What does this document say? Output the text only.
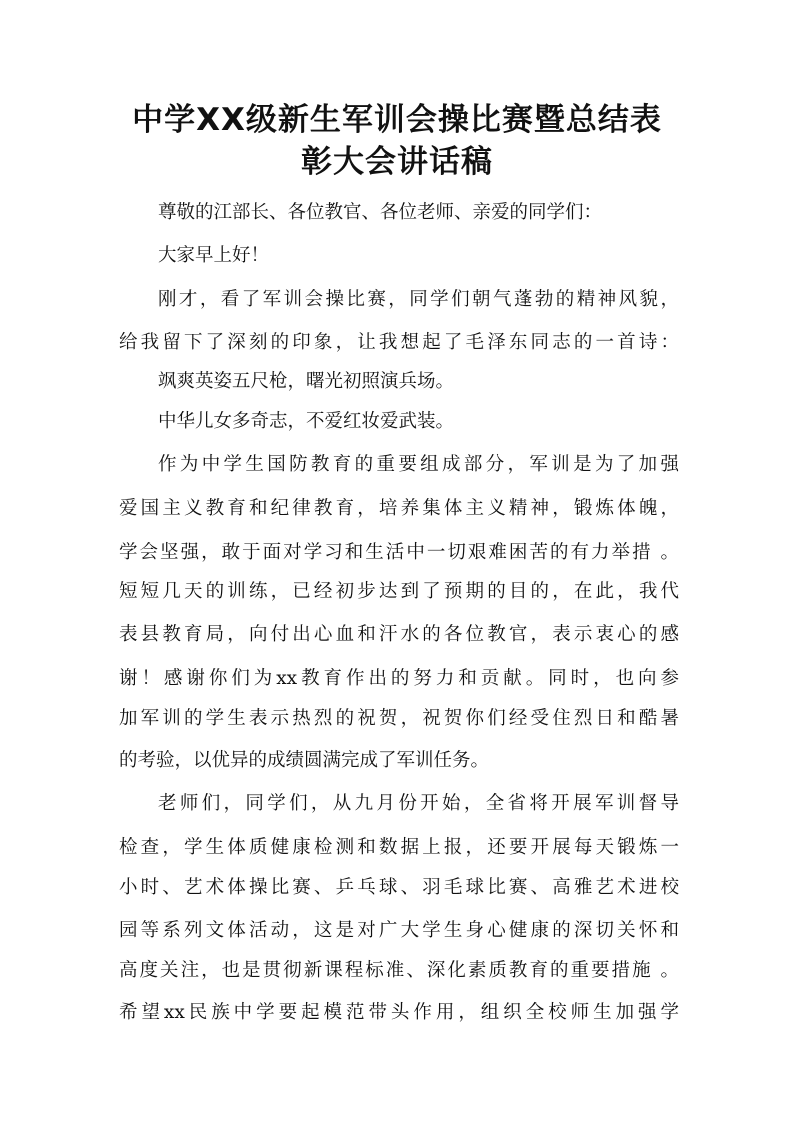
中学XX级新生军训会操比赛暨总结表
彰大会讲话稿

尊敬的江部长、各位教官、各位老师、亲爱的同学们：

大家早上好！

刚才，看了军训会操比赛，同学们朝气蓬勃的精神风貌，

给我留下了深刻的印象，让我想起了毛泽东同志的一首诗：

飒爽英姿五尺枪，曙光初照演兵场。

中华儿女多奇志，不爱红妆爱武装。

作为中学生国防教育的重要组成部分，军训是为了加强

爱国主义教育和纪律教育，培养集体主义精神，锻炼体魄，

学会坚强，敢于面对学习和生活中一切艰难困苦的有力举措 。

短短几天的训练，已经初步达到了预期的目的，在此，我代

表县教育局，向付出心血和汗水的各位教官，表示衷心的感

谢！感谢你们为xx教育作出的努力和贡献。同时，也向参

加军训的学生表示热烈的祝贺，祝贺你们经受住烈日和酷暑

的考验，以优异的成绩圆满完成了军训任务。

老师们，同学们，从九月份开始，全省将开展军训督导

检查，学生体质健康检测和数据上报，还要开展每天锻炼一

小时、艺术体操比赛、乒乓球、羽毛球比赛、高雅艺术进校

园等系列文体活动，这是对广大学生身心健康的深切关怀和

高度关注，也是贯彻新课程标准、深化素质教育的重要措施 。

希望xx民族中学要起模范带头作用，组织全校师生加强学
